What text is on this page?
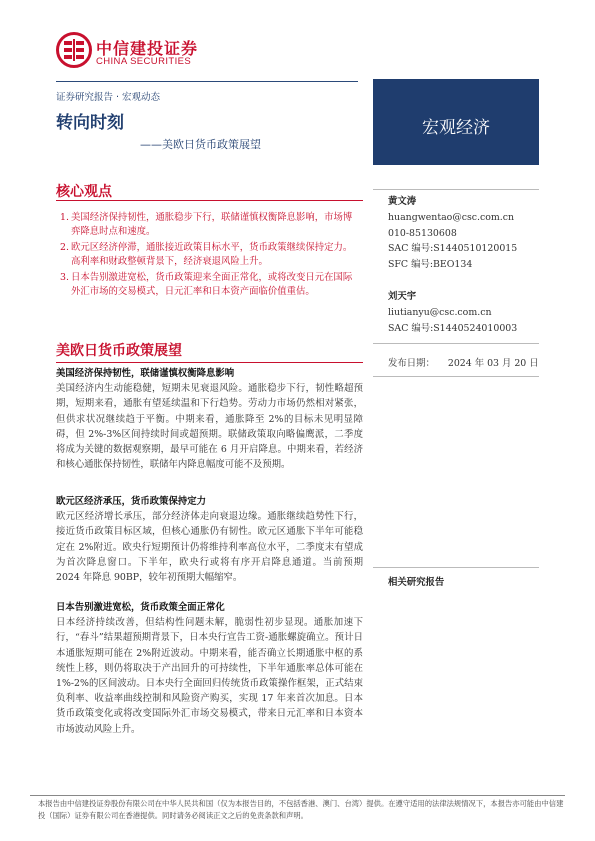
中信建投证券
CHINA SECURITIES
证券研究报告 · 宏观动态
转向时刻
——美欧日货币政策展望
宏观经济
核心观点
1. 美国经济保持韧性，通胀稳步下行，联储谨慎权衡降息影响，市场博弈降息时点和速度。
2. 欧元区经济停滞，通胀接近政策目标水平，货币政策继续保持定力。高利率和财政整顿背景下，经济衰退风险上升。
3. 日本告别激进宽松，货币政策迎来全面正常化，或将改变日元在国际外汇市场的交易模式，日元汇率和日本资产面临价值重估。
美欧日货币政策展望

美国经济保持韧性，联储谨慎权衡降息影响

美国经济内生动能稳健，短期未见衰退风险。通胀稳步下行，韧性略超预期，短期来看，通胀有望延续温和下行趋势。劳动力市场仍然相对紧张，但供求状况继续趋于平衡。中期来看，通胀降至 2%的目标未见明显障碍，但 2%-3%区间持续时间或超预期。联储政策取向略偏鹰派，二季度将成为关键的数据观察期，最早可能在 6 月开启降息。中期来看，若经济和核心通胀保持韧性，联储年内降息幅度可能不及预期。

欧元区经济承压，货币政策保持定力

欧元区经济增长承压，部分经济体走向衰退边缘。通胀继续趋势性下行，接近货币政策目标区域，但核心通胀仍有韧性。欧元区通胀下半年可能稳定在 2%附近。欧央行短期预计仍将维持利率高位水平，二季度末有望成为首次降息窗口。下半年，欧央行或将有序开启降息通道。当前预期 2024 年降息 90BP，较年初预期大幅缩窄。

日本告别激进宽松，货币政策全面正常化

日本经济持续改善，但结构性问题未解，脆弱性初步显现。通胀加速下行，“春斗”结果超预期背景下，日本央行宣告工资-通胀螺旋确立。预计日本通胀短期可能在 2%附近波动。中期来看，能否确立长期通胀中枢的系统性上移，则仍将取决于产出回升的可持续性，下半年通胀率总体可能在 1%-2%的区间波动。日本央行全面回归传统货币政策操作框架，正式结束负利率、收益率曲线控制和风险资产购买，实现 17 年来首次加息。日本货币政策变化或将改变国际外汇市场交易模式，带来日元汇率和日本资本市场波动风险上升。

黄文涛
huangwentao@csc.com.cn
010-85130608
SAC 编号:S1440510120015
SFC 编号:BEO134
刘天宇
liutianyu@csc.com.cn
SAC 编号:S1440524010003
发布日期： 2024 年 03 月 20 日
相关研究报告
本报告由中信建投证券股份有限公司在中华人民共和国（仅为本报告目的，不包括香港、澳门、台湾）提供。在遵守适用的法律法规情况下，本报告亦可能由中信建投（国际）证券有限公司在香港提供。同时请务必阅读正文之后的免责条款和声明。
